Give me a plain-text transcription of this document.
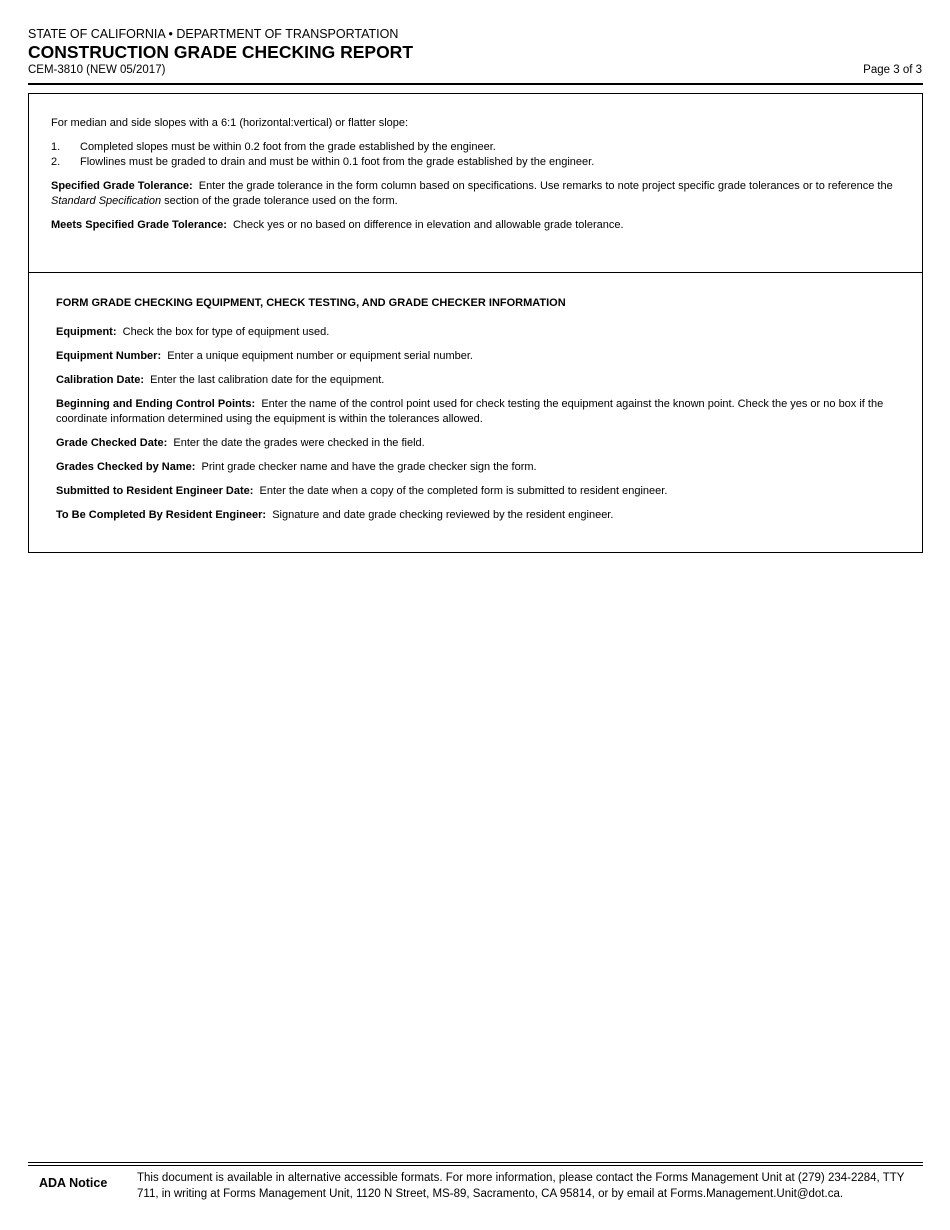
STATE OF CALIFORNIA • DEPARTMENT OF TRANSPORTATION
CONSTRUCTION GRADE CHECKING REPORT
CEM-3810 (NEW 05/2017)	Page 3 of 3

For median and side slopes with a 6:1 (horizontal:vertical) or flatter slope:

1.	Completed slopes must be within 0.2 foot from the grade established by the engineer.
2.	Flowlines must be graded to drain and must be within 0.1 foot from the grade established by the engineer.

Specified Grade Tolerance: Enter the grade tolerance in the form column based on specifications. Use remarks to note project specific grade tolerances or to reference the Standard Specification section of the grade tolerance used on the form.

Meets Specified Grade Tolerance: Check yes or no based on difference in elevation and allowable grade tolerance.

FORM GRADE CHECKING EQUIPMENT, CHECK TESTING, AND GRADE CHECKER INFORMATION

Equipment: Check the box for type of equipment used.

Equipment Number: Enter a unique equipment number or equipment serial number.

Calibration Date: Enter the last calibration date for the equipment.

Beginning and Ending Control Points: Enter the name of the control point used for check testing the equipment against the known point. Check the yes or no box if the coordinate information determined using the equipment is within the tolerances allowed.

Grade Checked Date: Enter the date the grades were checked in the field.

Grades Checked by Name: Print grade checker name and have the grade checker sign the form.

Submitted to Resident Engineer Date: Enter the date when a copy of the completed form is submitted to resident engineer.

To Be Completed By Resident Engineer: Signature and date grade checking reviewed by the resident engineer.

ADA Notice	This document is available in alternative accessible formats. For more information, please contact the Forms Management Unit at (279) 234-2284, TTY 711, in writing at Forms Management Unit, 1120 N Street, MS-89, Sacramento, CA 95814, or by email at Forms.Management.Unit@dot.ca.
